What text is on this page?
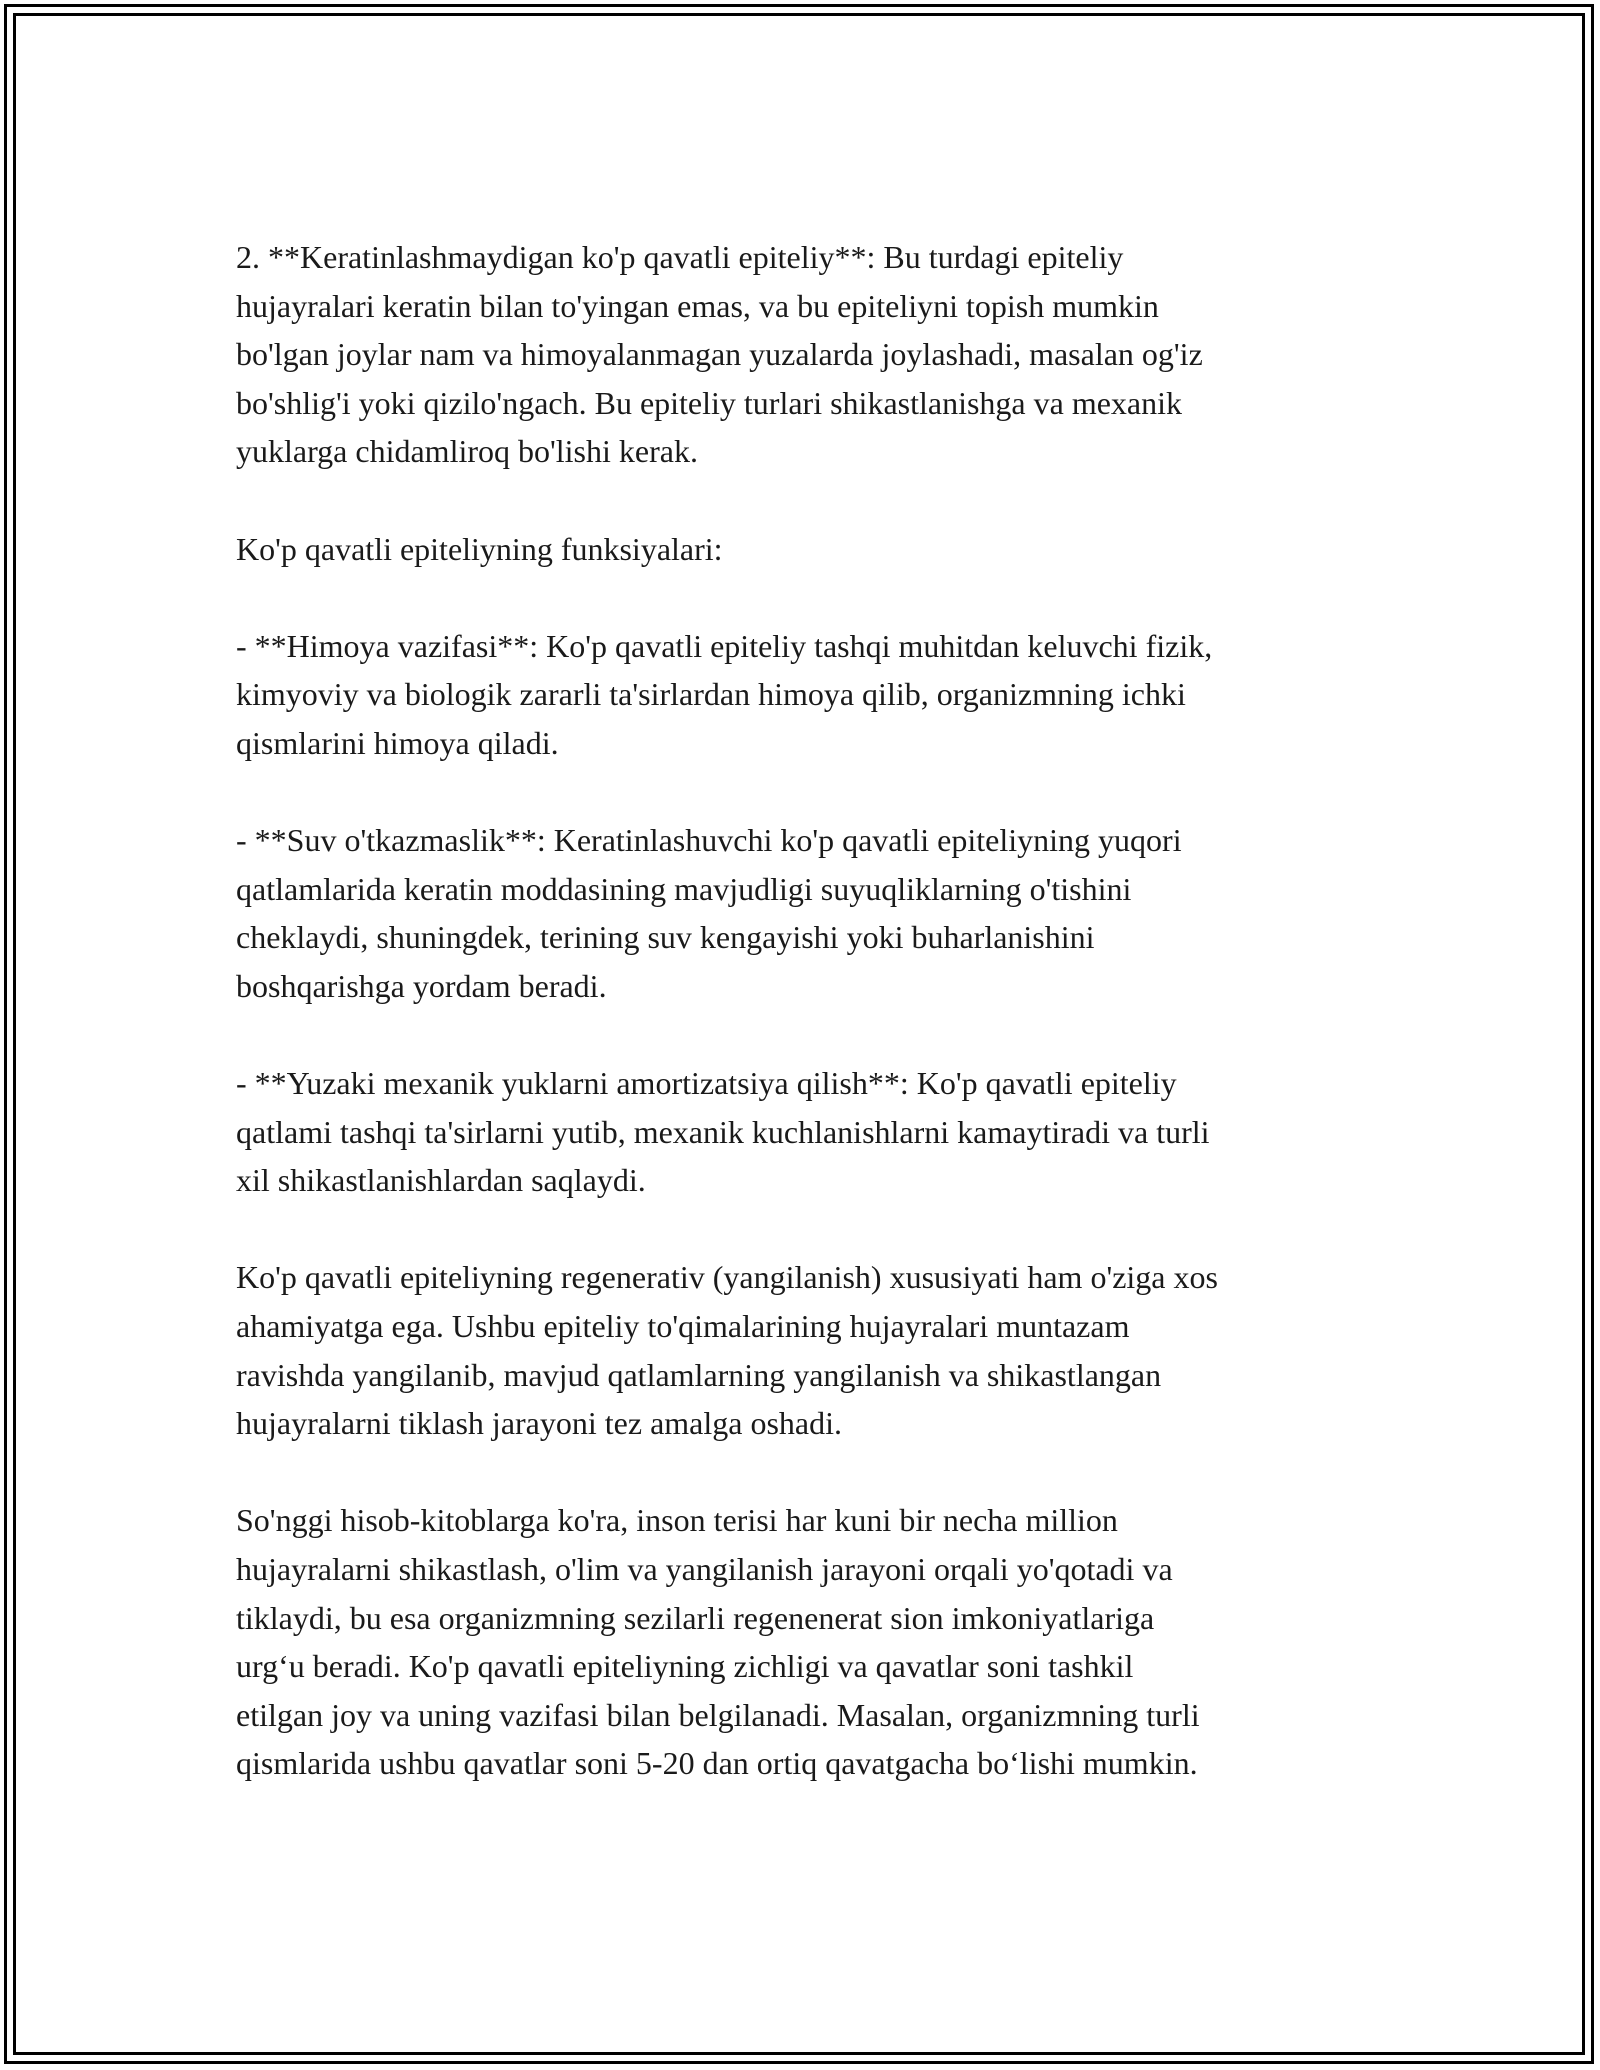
2. **Keratinlashmaydigan ko'p qavatli epiteliy**: Bu turdagi epiteliy
hujayralari keratin bilan to'yingan emas, va bu epiteliyni topish mumkin
bo'lgan joylar nam va himoyalanmagan yuzalarda joylashadi, masalan og'iz
bo'shlig'i yoki qizilo'ngach. Bu epiteliy turlari shikastlanishga va mexanik
yuklarga chidamliroq bo'lishi kerak.

Ko'p qavatli epiteliyning funksiyalari:

- **Himoya vazifasi**: Ko'p qavatli epiteliy tashqi muhitdan keluvchi fizik,
kimyoviy va biologik zararli ta'sirlardan himoya qilib, organizmning ichki
qismlarini himoya qiladi.

- **Suv o'tkazmaslik**: Keratinlashuvchi ko'p qavatli epiteliyning yuqori
qatlamlarida keratin moddasining mavjudligi suyuqliklarning o'tishini
cheklaydi, shuningdek, terining suv kengayishi yoki buharlanishini
boshqarishga yordam beradi.

- **Yuzaki mexanik yuklarni amortizatsiya qilish**: Ko'p qavatli epiteliy
qatlami tashqi ta'sirlarni yutib, mexanik kuchlanishlarni kamaytiradi va turli
xil shikastlanishlardan saqlaydi.

Ko'p qavatli epiteliyning regenerativ (yangilanish) xususiyati ham o'ziga xos
ahamiyatga ega. Ushbu epiteliy to'qimalarining hujayralari muntazam
ravishda yangilanib, mavjud qatlamlarning yangilanish va shikastlangan
hujayralarni tiklash jarayoni tez amalga oshadi.

So'nggi hisob-kitoblarga ko'ra, inson terisi har kuni bir necha million
hujayralarni shikastlash, o'lim va yangilanish jarayoni orqali yo'qotadi va
tiklaydi, bu esa organizmning sezilarli regenenerat sion imkoniyatlariga
urg‘u beradi. Ko'p qavatli epiteliyning zichligi va qavatlar soni tashkil
etilgan joy va uning vazifasi bilan belgilanadi. Masalan, organizmning turli
qismlarida ushbu qavatlar soni 5-20 dan ortiq qavatgacha bo‘lishi mumkin.
